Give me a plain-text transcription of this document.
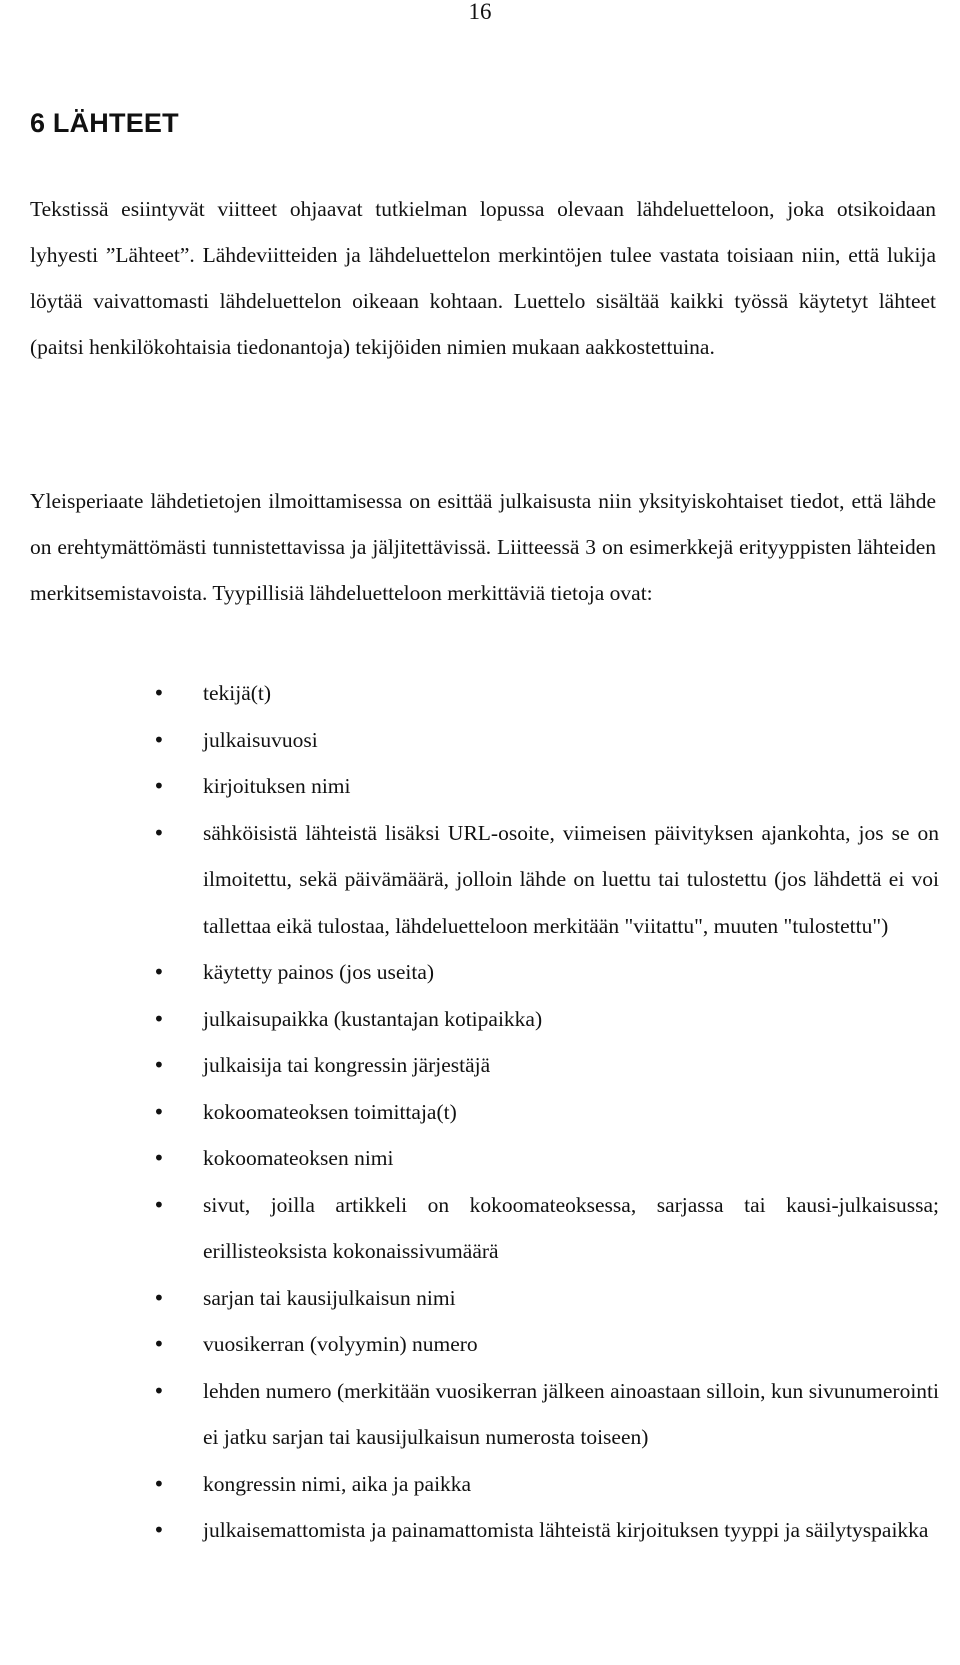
16
6 LÄHTEET

Tekstissä esiintyvät viitteet ohjaavat tutkielman lopussa olevaan lähdeluetteloon, joka otsikoidaan lyhyesti ”Lähteet”. Lähdeviitteiden ja lähdeluettelon merkintöjen tulee vastata toisiaan niin, että lukija löytää vaivattomasti lähdeluettelon oikeaan kohtaan. Luettelo sisältää kaikki työssä käytetyt lähteet (paitsi henkilökohtaisia tiedonantoja) tekijöiden nimien mukaan aakkostettuina.

Yleisperiaate lähdetietojen ilmoittamisessa on esittää julkaisusta niin yksityiskohtaiset tiedot, että lähde on erehtymättömästi tunnistettavissa ja jäljitettävissä. Liitteessä 3 on esimerkkejä erityyppisten lähteiden merkitsemistavoista. Tyypillisiä lähdeluetteloon merkittäviä tietoja ovat:

• tekijä(t)
• julkaisuvuosi
• kirjoituksen nimi
• sähköisistä lähteistä lisäksi URL-osoite, viimeisen päivityksen ajankohta, jos se on ilmoitettu, sekä päivämäärä, jolloin lähde on luettu tai tulostettu (jos lähdettä ei voi tallettaa eikä tulostaa, lähdeluetteloon merkitään "viitattu", muuten "tulostettu")
• käytetty painos (jos useita)
• julkaisupaikka (kustantajan kotipaikka)
• julkaisija tai kongressin järjestäjä
• kokoomateoksen toimittaja(t)
• kokoomateoksen nimi
• sivut, joilla artikkeli on kokoomateoksessa, sarjassa tai kausi-julkaisussa; erillisteoksista kokonaissivumäärä
• sarjan tai kausijulkaisun nimi
• vuosikerran (volyymin) numero
• lehden numero (merkitään vuosikerran jälkeen ainoastaan silloin, kun sivunumerointi ei jatku sarjan tai kausijulkaisun numerosta toiseen)
• kongressin nimi, aika ja paikka
• julkaisemattomista ja painamattomista lähteistä kirjoituksen tyyppi ja säilytyspaikka
